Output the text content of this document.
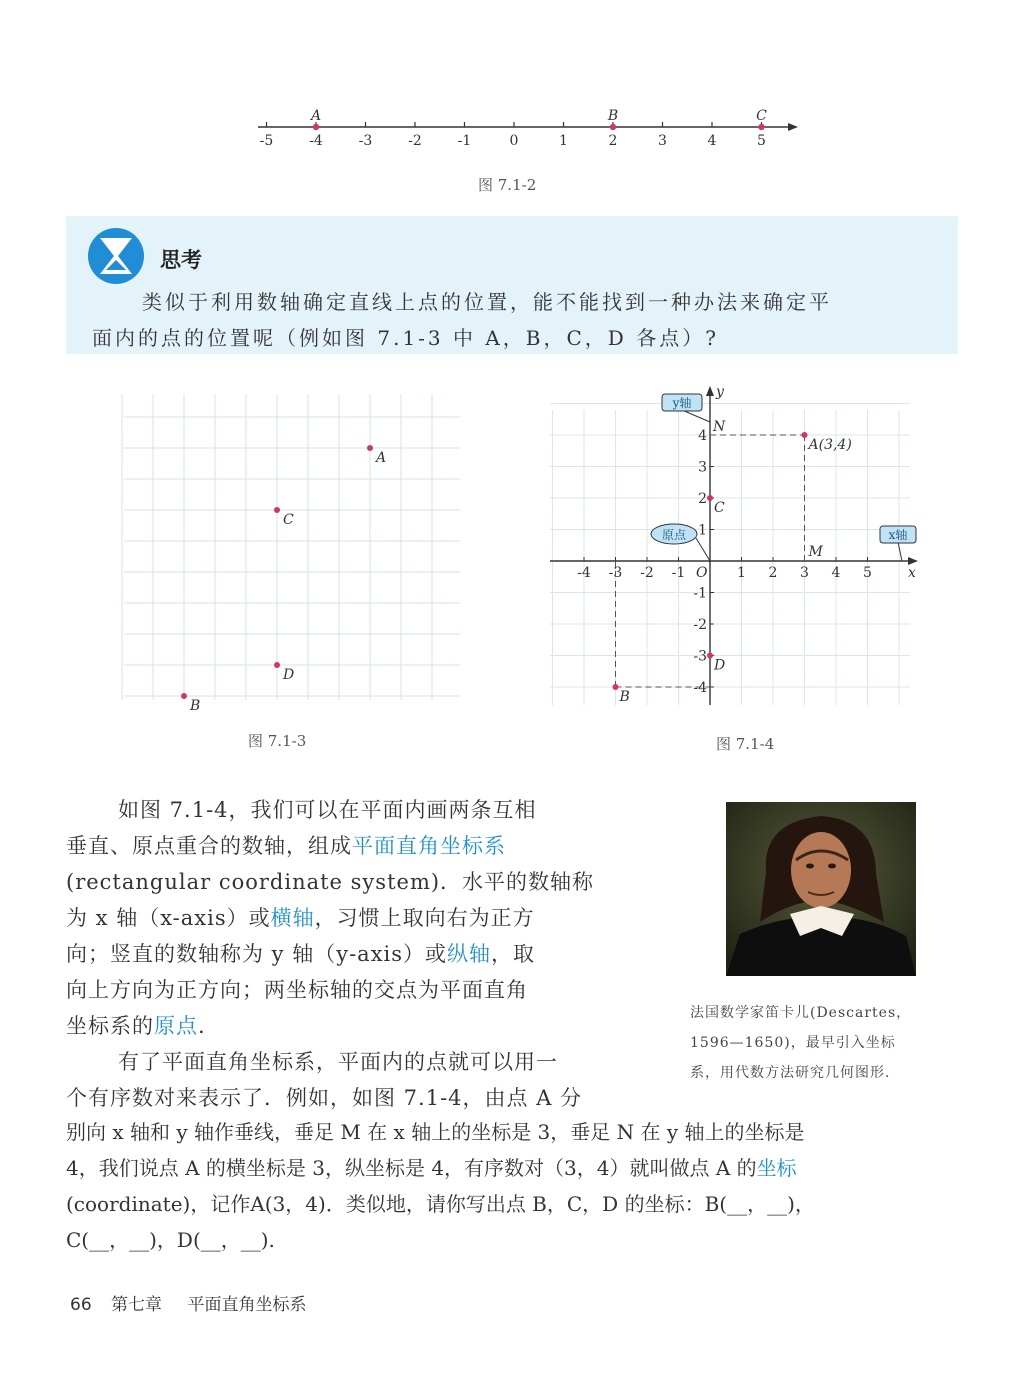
-5	-4	-3	-2	-1	0	1	2	3	4	5
A	B	C
图 7.1-2
思考
类似于利用数轴确定直线上点的位置，能不能找到一种办法来确定平
面内的点的位置呢（例如图 7.1-3 中 A，B，C，D 各点）?
A
C
D
B
图 7.1-3
x
y
O
-4 -3 -2 -1	1 2 3 4 5
4
3
2
1
-1
-2
-3
-4
N
M
A(3,4)
C
D
B
y轴
x轴
原点
图 7.1-4
如图 7.1-4，我们可以在平面内画两条互相
垂直、原点重合的数轴，组成平面直角坐标系
(rectangular coordinate system)．水平的数轴称
为 x 轴（x-axis）或横轴，习惯上取向右为正方
向；竖直的数轴称为 y 轴（y-axis）或纵轴，取
向上方向为正方向；两坐标轴的交点为平面直角
坐标系的原点.
有了平面直角坐标系，平面内的点就可以用一
个有序数对来表示了．例如，如图 7.1-4，由点 A 分
别向 x 轴和 y 轴作垂线，垂足 M 在 x 轴上的坐标是 3，垂足 N 在 y 轴上的坐标是
4，我们说点 A 的横坐标是 3，纵坐标是 4，有序数对（3，4）就叫做点 A 的坐标
(coordinate)，记作A(3，4)．类似地，请你写出点 B，C，D 的坐标：B(__，__)，
C(__，__)，D(__，__).
法国数学家笛卡儿(Descartes，
1596—1650)，最早引入坐标
系，用代数方法研究几何图形.
66 第七章 平面直角坐标系
